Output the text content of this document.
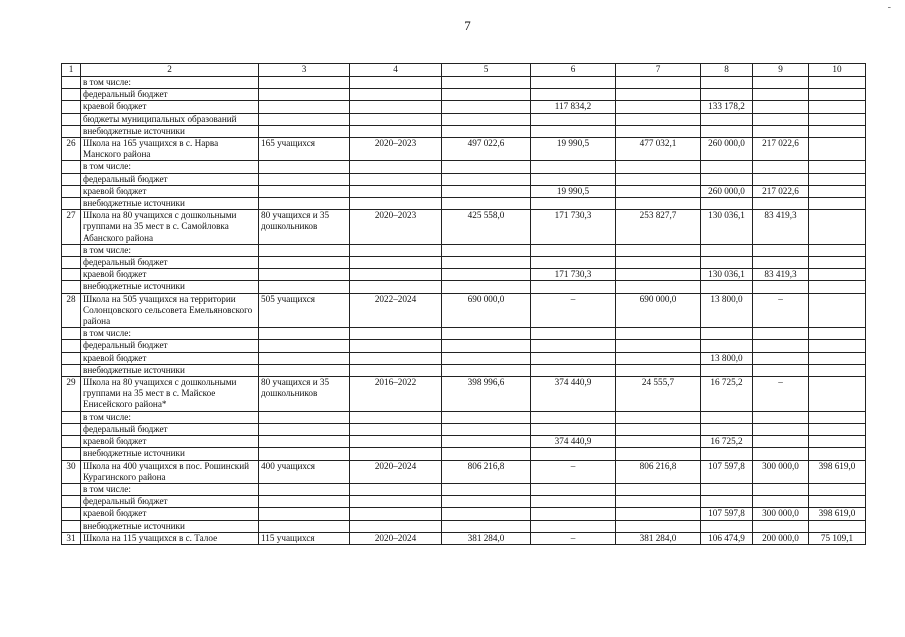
7
-
1	2	3	4	5	6	7	8	9	10
	в том числе:								
	федеральный бюджет								
	краевой бюджет				117 834,2		133 178,2		
	бюджеты муниципальных образований								
	внебюджетные источники								
26	Школа на 165 учащихся в с. Нарва Манского района	165 учащихся	2020–2023	497 022,6	19 990,5	477 032,1	260 000,0	217 022,6	
	в том числе:								
	федеральный бюджет								
	краевой бюджет				19 990,5		260 000,0	217 022,6	
	внебюджетные источники								
27	Школа на 80 учащихся с дошкольными группами на 35 мест в с. Самойловка Абанского района	80 учащихся и 35 дошкольников	2020–2023	425 558,0	171 730,3	253 827,7	130 036,1	83 419,3	
	в том числе:								
	федеральный бюджет								
	краевой бюджет				171 730,3		130 036,1	83 419,3	
	внебюджетные источники								
28	Школа на 505 учащихся на территории Солонцовского сельсовета Емельяновского района	505 учащихся	2022–2024	690 000,0	–	690 000,0	13 800,0	–	
	в том числе:								
	федеральный бюджет								
	краевой бюджет						13 800,0		
	внебюджетные источники								
29	Школа на 80 учащихся с дошкольными группами на 35 мест в с. Майское Енисейского района*	80 учащихся и 35 дошкольников	2016–2022	398 996,6	374 440,9	24 555,7	16 725,2	–	
	в том числе:								
	федеральный бюджет								
	краевой бюджет				374 440,9		16 725,2		
	внебюджетные источники								
30	Школа на 400 учащихся в пос. Рошинский Курагинского района	400 учащихся	2020–2024	806 216,8	–	806 216,8	107 597,8	300 000,0	398 619,0
	в том числе:								
	федеральный бюджет								
	краевой бюджет						107 597,8	300 000,0	398 619,0
	внебюджетные источники								
31	Школа на 115 учащихся в с. Талое	115 учащихся	2020–2024	381 284,0	–	381 284,0	106 474,9	200 000,0	75 109,1
